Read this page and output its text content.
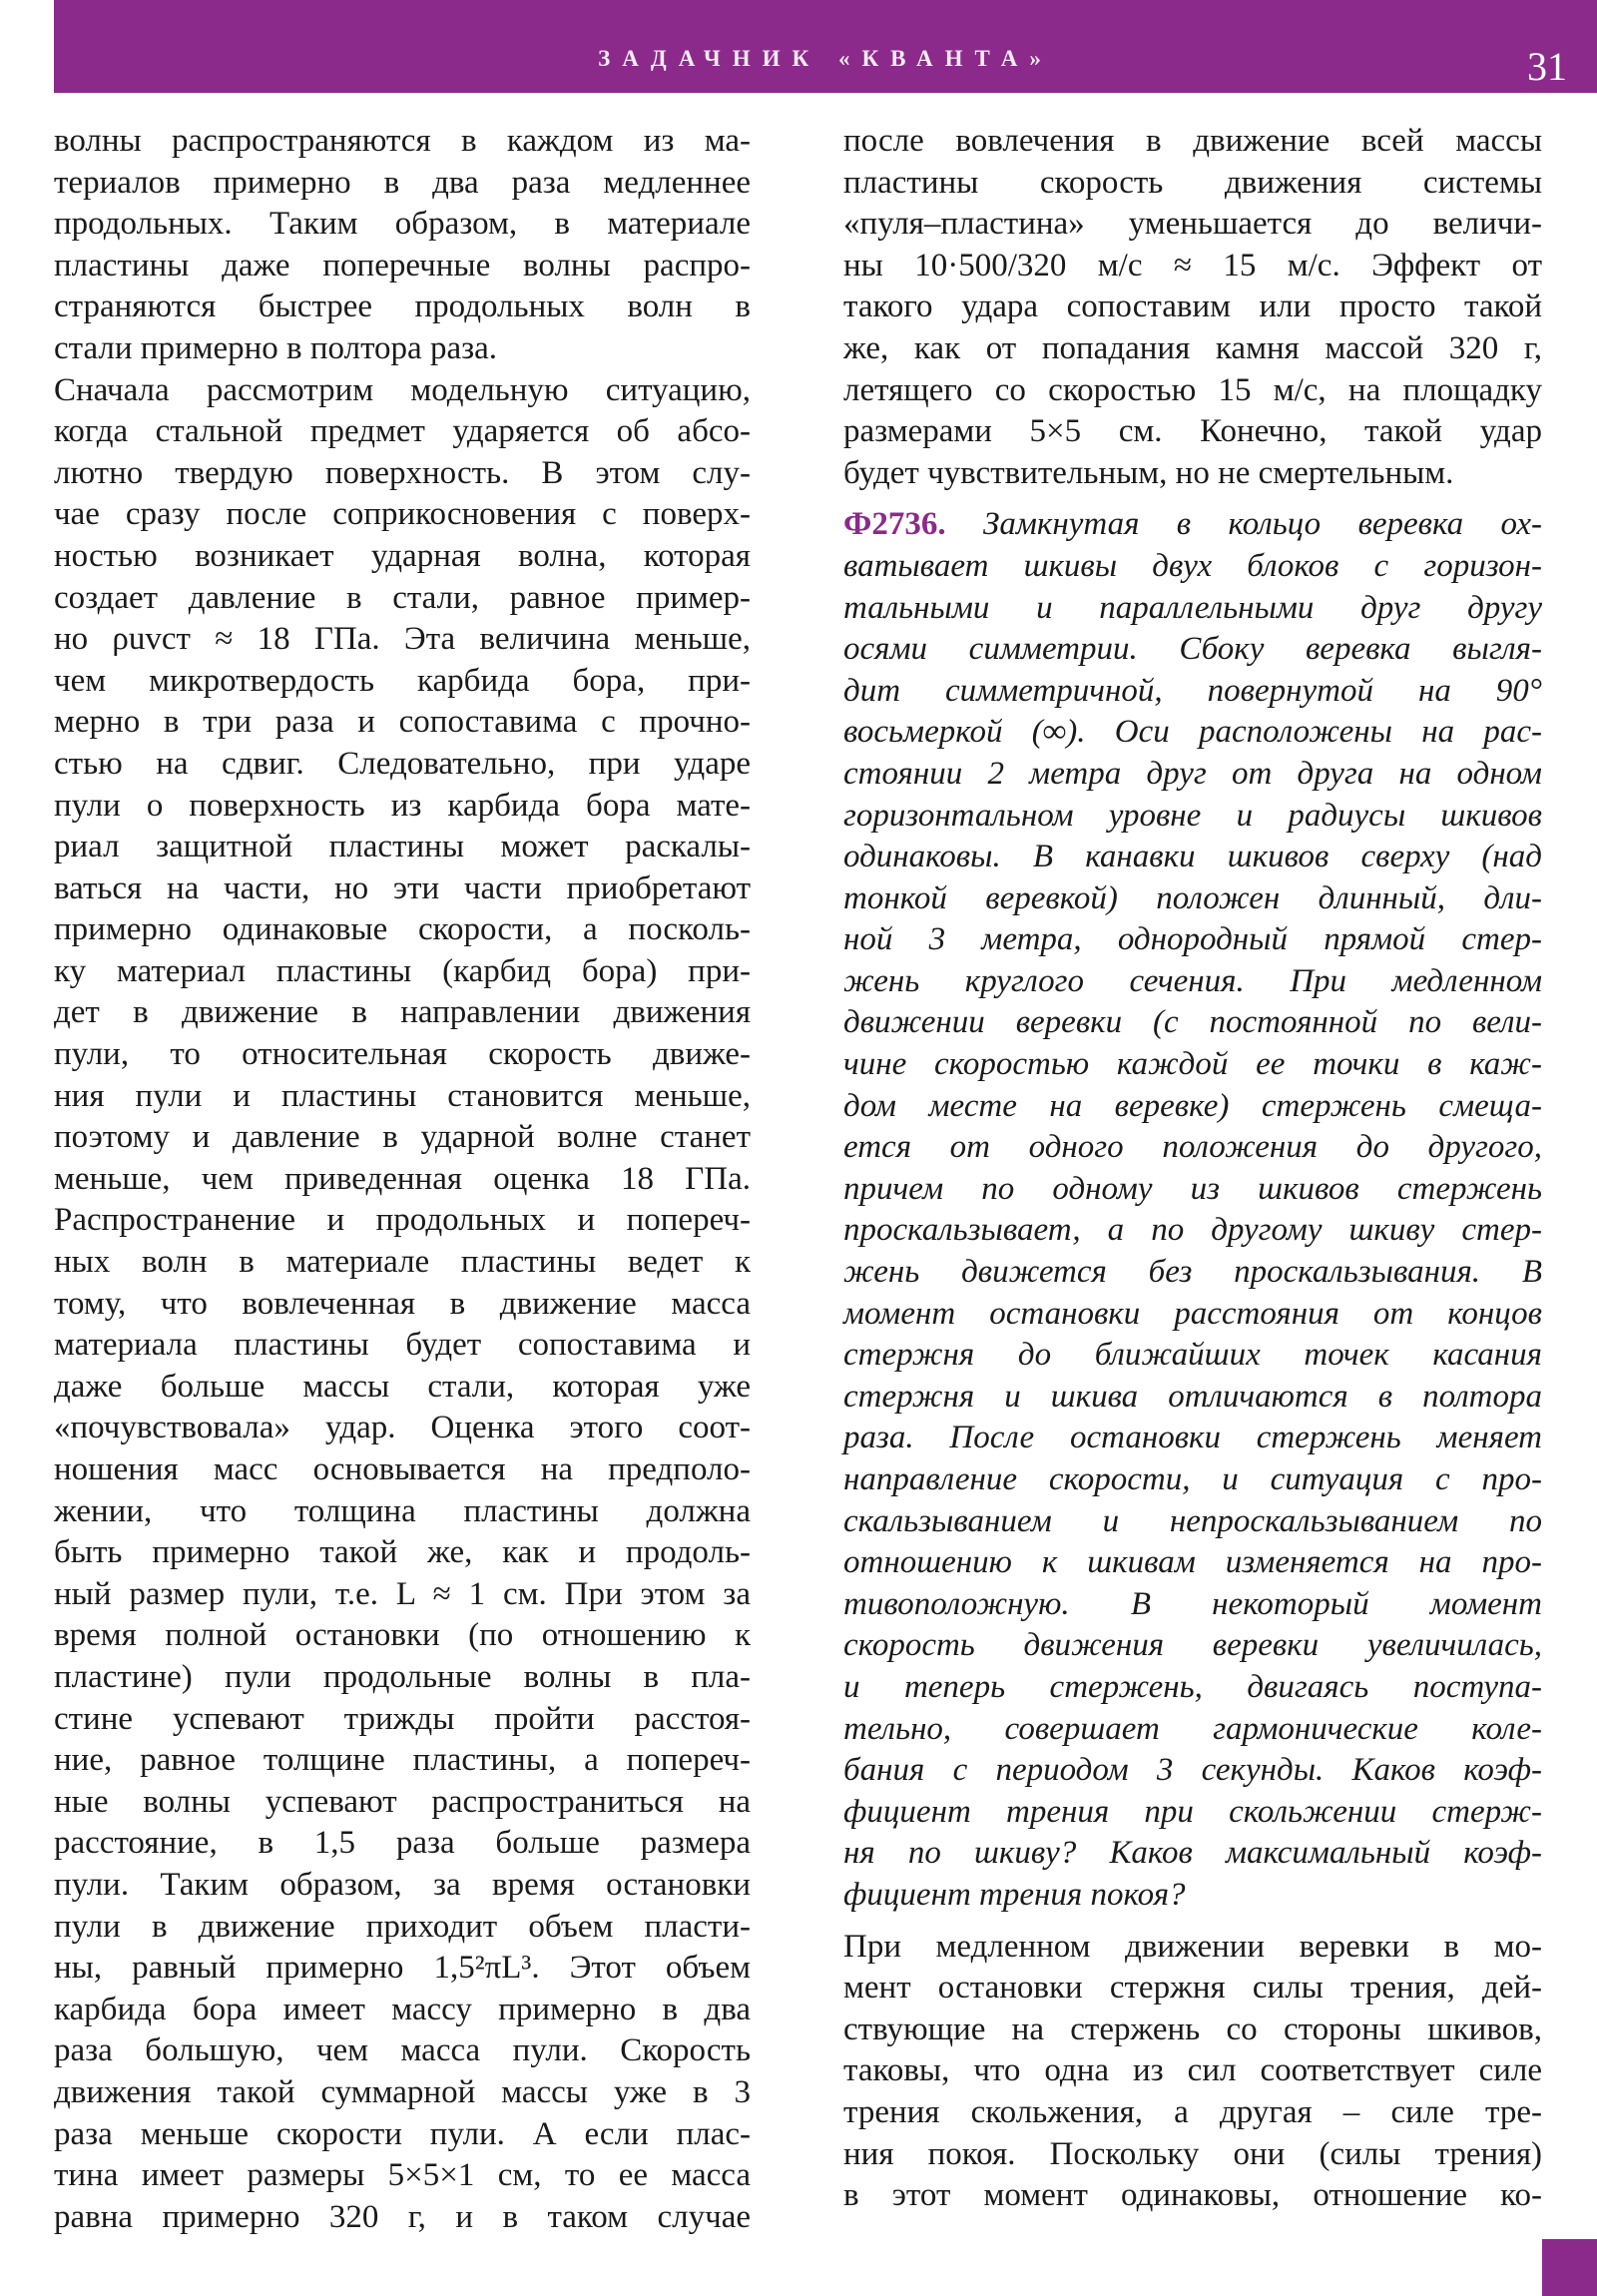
ЗАДАЧНИК «КВАНТА»	31
волны распространяются в каждом из ма-
териалов примерно в два раза медленнее
продольных. Таким образом, в материале
пластины даже поперечные волны распро-
страняются быстрее продольных волн в
стали примерно в полтора раза.
Сначала рассмотрим модельную ситуацию,
когда стальной предмет ударяется об абсо-
лютно твердую поверхность. В этом слу-
чае сразу после соприкосновения с поверх-
ностью возникает ударная волна, которая
создает давление в стали, равное пример-
но ρuvст ≈ 18 ГПа. Эта величина меньше,
чем микротвердость карбида бора, при-
мерно в три раза и сопоставима с прочно-
стью на сдвиг. Следовательно, при ударе
пули о поверхность из карбида бора мате-
риал защитной пластины может раскалы-
ваться на части, но эти части приобретают
примерно одинаковые скорости, а посколь-
ку материал пластины (карбид бора) при-
дет в движение в направлении движения
пули, то относительная скорость движе-
ния пули и пластины становится меньше,
поэтому и давление в ударной волне станет
меньше, чем приведенная оценка 18 ГПа.
Распространение и продольных и попереч-
ных волн в материале пластины ведет к
тому, что вовлеченная в движение масса
материала пластины будет сопоставима и
даже больше массы стали, которая уже
«почувствовала» удар. Оценка этого соот-
ношения масс основывается на предполо-
жении, что толщина пластины должна
быть примерно такой же, как и продоль-
ный размер пули, т.е. L ≈ 1 см. При этом за
время полной остановки (по отношению к
пластине) пули продольные волны в пла-
стине успевают трижды пройти расстоя-
ние, равное толщине пластины, а попереч-
ные волны успевают распространиться на
расстояние, в 1,5 раза больше размера
пули. Таким образом, за время остановки
пули в движение приходит объем пласти-
ны, равный примерно 1,5²πL³. Этот объем
карбида бора имеет массу примерно в два
раза большую, чем масса пули. Скорость
движения такой суммарной массы уже в 3
раза меньше скорости пули. А если плас-
тина имеет размеры 5×5×1 см, то ее масса
равна примерно 320 г, и в таком случае
после вовлечения в движение всей массы
пластины скорость движения системы
«пуля–пластина» уменьшается до величи-
ны 10·500/320 м/с ≈ 15 м/с. Эффект от
такого удара сопоставим или просто такой
же, как от попадания камня массой 320 г,
летящего со скоростью 15 м/с, на площадку
размерами 5×5 см. Конечно, такой удар
будет чувствительным, но не смертельным.
Ф2736. Замкнутая в кольцо веревка ох-
ватывает шкивы двух блоков с горизон-
тальными и параллельными друг другу
осями симметрии. Сбоку веревка выгля-
дит симметричной, повернутой на 90°
восьмеркой (∞). Оси расположены на рас-
стоянии 2 метра друг от друга на одном
горизонтальном уровне и радиусы шкивов
одинаковы. В канавки шкивов сверху (над
тонкой веревкой) положен длинный, дли-
ной 3 метра, однородный прямой стер-
жень круглого сечения. При медленном
движении веревки (с постоянной по вели-
чине скоростью каждой ее точки в каж-
дом месте на веревке) стержень смеща-
ется от одного положения до другого,
причем по одному из шкивов стержень
проскальзывает, а по другому шкиву стер-
жень движется без проскальзывания. В
момент остановки расстояния от концов
стержня до ближайших точек касания
стержня и шкива отличаются в полтора
раза. После остановки стержень меняет
направление скорости, и ситуация с про-
скальзыванием и непроскальзыванием по
отношению к шкивам изменяется на про-
тивоположную. В некоторый момент
скорость движения веревки увеличилась,
и теперь стержень, двигаясь поступа-
тельно, совершает гармонические коле-
бания с периодом 3 секунды. Каков коэф-
фициент трения при скольжении стерж-
ня по шкиву? Каков максимальный коэф-
фициент трения покоя?
При медленном движении веревки в мо-
мент остановки стержня силы трения, дей-
ствующие на стержень со стороны шкивов,
таковы, что одна из сил соответствует силе
трения скольжения, а другая – силе тре-
ния покоя. Поскольку они (силы трения)
в этот момент одинаковы, отношение ко-
